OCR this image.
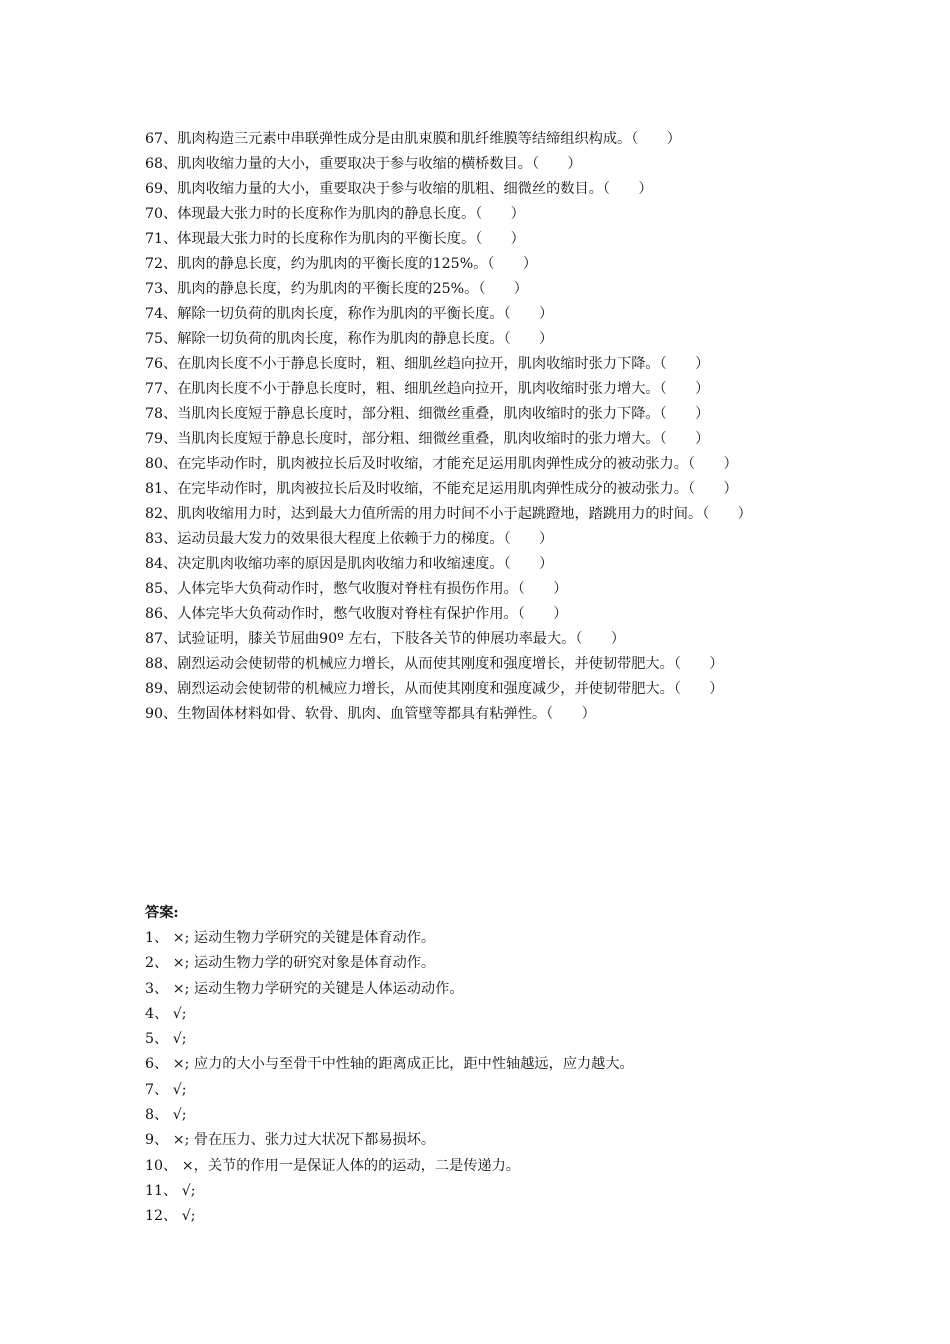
67、肌肉构造三元素中串联弹性成分是由肌束膜和肌纤维膜等结缔组织构成。（　　）
68、肌肉收缩力量的大小，重要取决于参与收缩的横桥数目。（　　）
69、肌肉收缩力量的大小，重要取决于参与收缩的肌粗、细微丝的数目。（　　）
70、体现最大张力时的长度称作为肌肉的静息长度。（　　）
71、体现最大张力时的长度称作为肌肉的平衡长度。（　　）
72、肌肉的静息长度，约为肌肉的平衡长度的125%。（　　）
73、肌肉的静息长度，约为肌肉的平衡长度的25%。（　　）
74、解除一切负荷的肌肉长度，称作为肌肉的平衡长度。（　　）
75、解除一切负荷的肌肉长度，称作为肌肉的静息长度。（　　）
76、在肌肉长度不小于静息长度时，粗、细肌丝趋向拉开，肌肉收缩时张力下降。（　　）
77、在肌肉长度不小于静息长度时，粗、细肌丝趋向拉开，肌肉收缩时张力增大。（　　）
78、当肌肉长度短于静息长度时，部分粗、细微丝重叠，肌肉收缩时的张力下降。（　　）
79、当肌肉长度短于静息长度时，部分粗、细微丝重叠，肌肉收缩时的张力增大。（　　）
80、在完毕动作时，肌肉被拉长后及时收缩，才能充足运用肌肉弹性成分的被动张力。（　　）
81、在完毕动作时，肌肉被拉长后及时收缩，不能充足运用肌肉弹性成分的被动张力。（　　）
82、肌肉收缩用力时，达到最大力值所需的用力时间不小于起跳蹬地，踏跳用力的时间。（　　）
83、运动员最大发力的效果很大程度上依赖于力的梯度。（　　）
84、决定肌肉收缩功率的原因是肌肉收缩力和收缩速度。（　　）
85、人体完毕大负荷动作时，憋气收腹对脊柱有损伤作用。（　　）
86、人体完毕大负荷动作时，憋气收腹对脊柱有保护作用。（　　）
87、试验证明，膝关节屈曲90º 左右，下肢各关节的伸展功率最大。（　　）
88、剧烈运动会使韧带的机械应力增长，从而使其刚度和强度增长，并使韧带肥大。（　　）
89、剧烈运动会使韧带的机械应力增长，从而使其刚度和强度减少，并使韧带肥大。（　　）
90、生物固体材料如骨、软骨、肌肉、血管壁等都具有粘弹性。（　　）
答案:
1、 ×; 运动生物力学研究的关键是体育动作。
2、 ×; 运动生物力学的研究对象是体育动作。
3、 ×; 运动生物力学研究的关键是人体运动动作。
4、 √;
5、 √;
6、 ×; 应力的大小与至骨干中性轴的距离成正比，距中性轴越远，应力越大。
7、 √;
8、 √;
9、 ×; 骨在压力、张力过大状况下都易损坏。
10、 ×，关节的作用一是保证人体的的运动，二是传递力。
11、 √;
12、 √;
